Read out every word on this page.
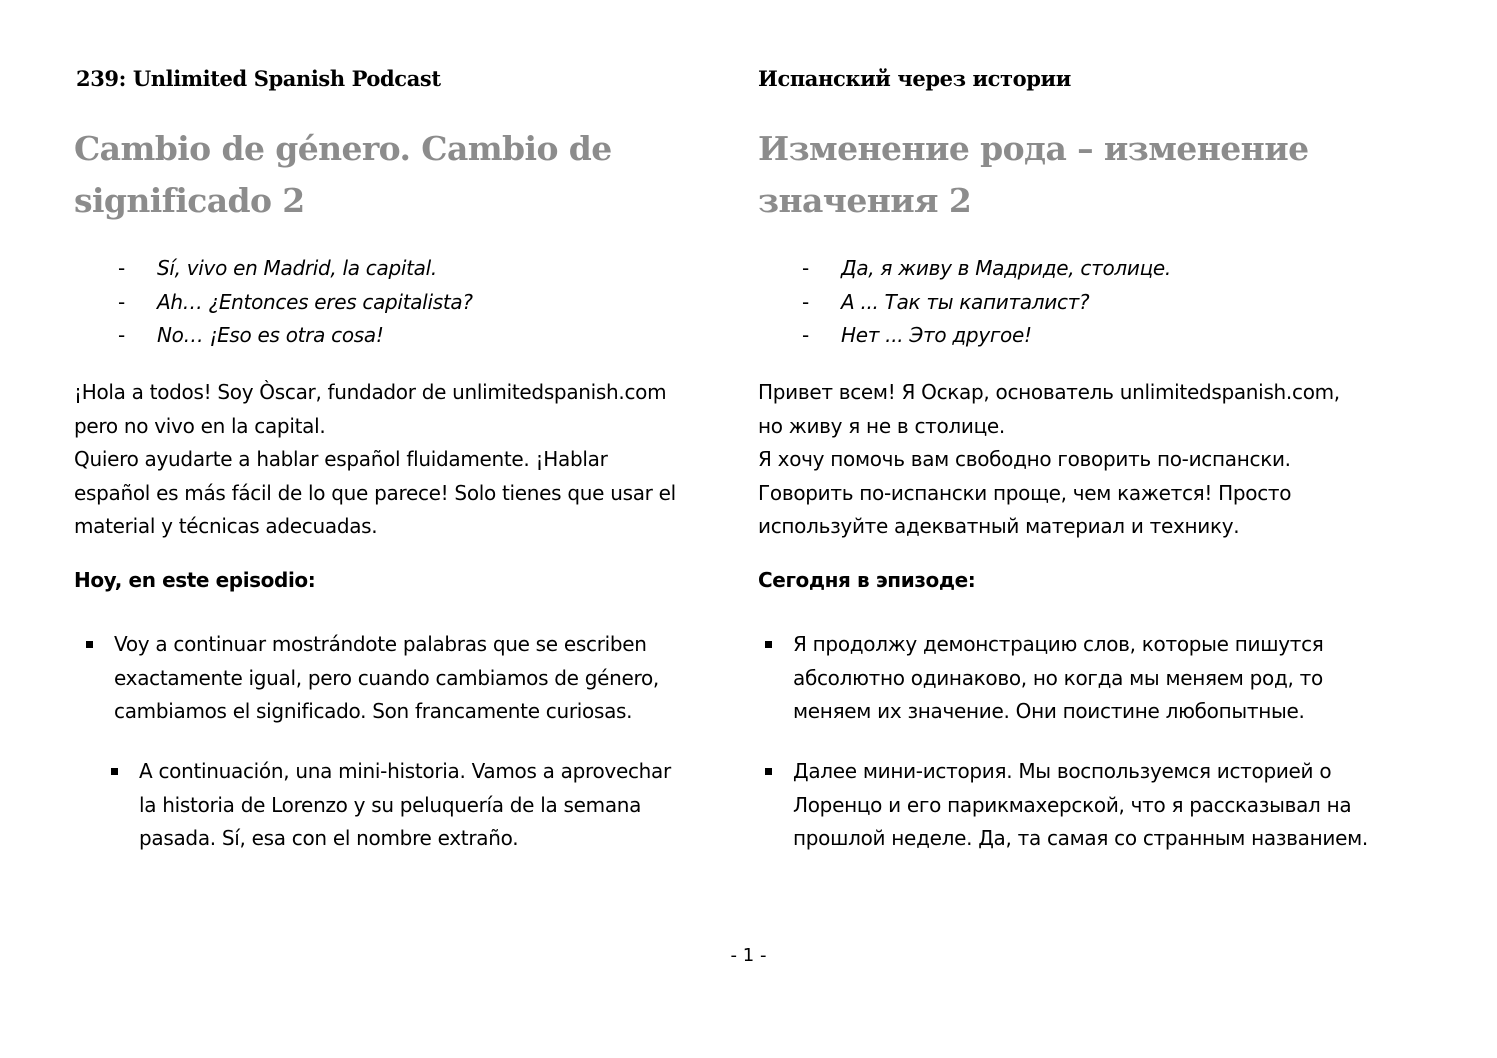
239: Unlimited Spanish Podcast
Cambio de género. Cambio de
significado 2
- Sí, vivo en Madrid, la capital.
- Ah… ¿Entonces eres capitalista?
- No… ¡Eso es otra cosa!
¡Hola a todos! Soy Òscar, fundador de unlimitedspanish.com
pero no vivo en la capital.
Quiero ayudarte a hablar español fluidamente. ¡Hablar
español es más fácil de lo que parece! Solo tienes que usar el
material y técnicas adecuadas.
Hoy, en este episodio:
Voy a continuar mostrándote palabras que se escriben
exactamente igual, pero cuando cambiamos de género,
cambiamos el significado. Son francamente curiosas.
A continuación, una mini-historia. Vamos a aprovechar
la historia de Lorenzo y su peluquería de la semana
pasada. Sí, esa con el nombre extraño.
Испанский через истории
Изменение рода – изменение
значения 2
- Да, я живу в Мадриде, столице.
- А ... Так ты капиталист?
- Нет ... Это другое!
Привет всем! Я Оскар, основатель unlimitedspanish.com,
но живу я не в столице.
Я хочу помочь вам свободно говорить по-испански.
Говорить по-испански проще, чем кажется! Просто
используйте адекватный материал и технику.
Сегодня в эпизоде:
Я продолжу демонстрацию слов, которые пишутся
абсолютно одинаково, но когда мы меняем род, то
меняем их значение. Они поистине любопытные.
Далее мини-история. Мы воспользуемся историей о
Лоренцо и его парикмахерской, что я рассказывал на
прошлой неделе. Да, та самая со странным названием.
- 1 -
